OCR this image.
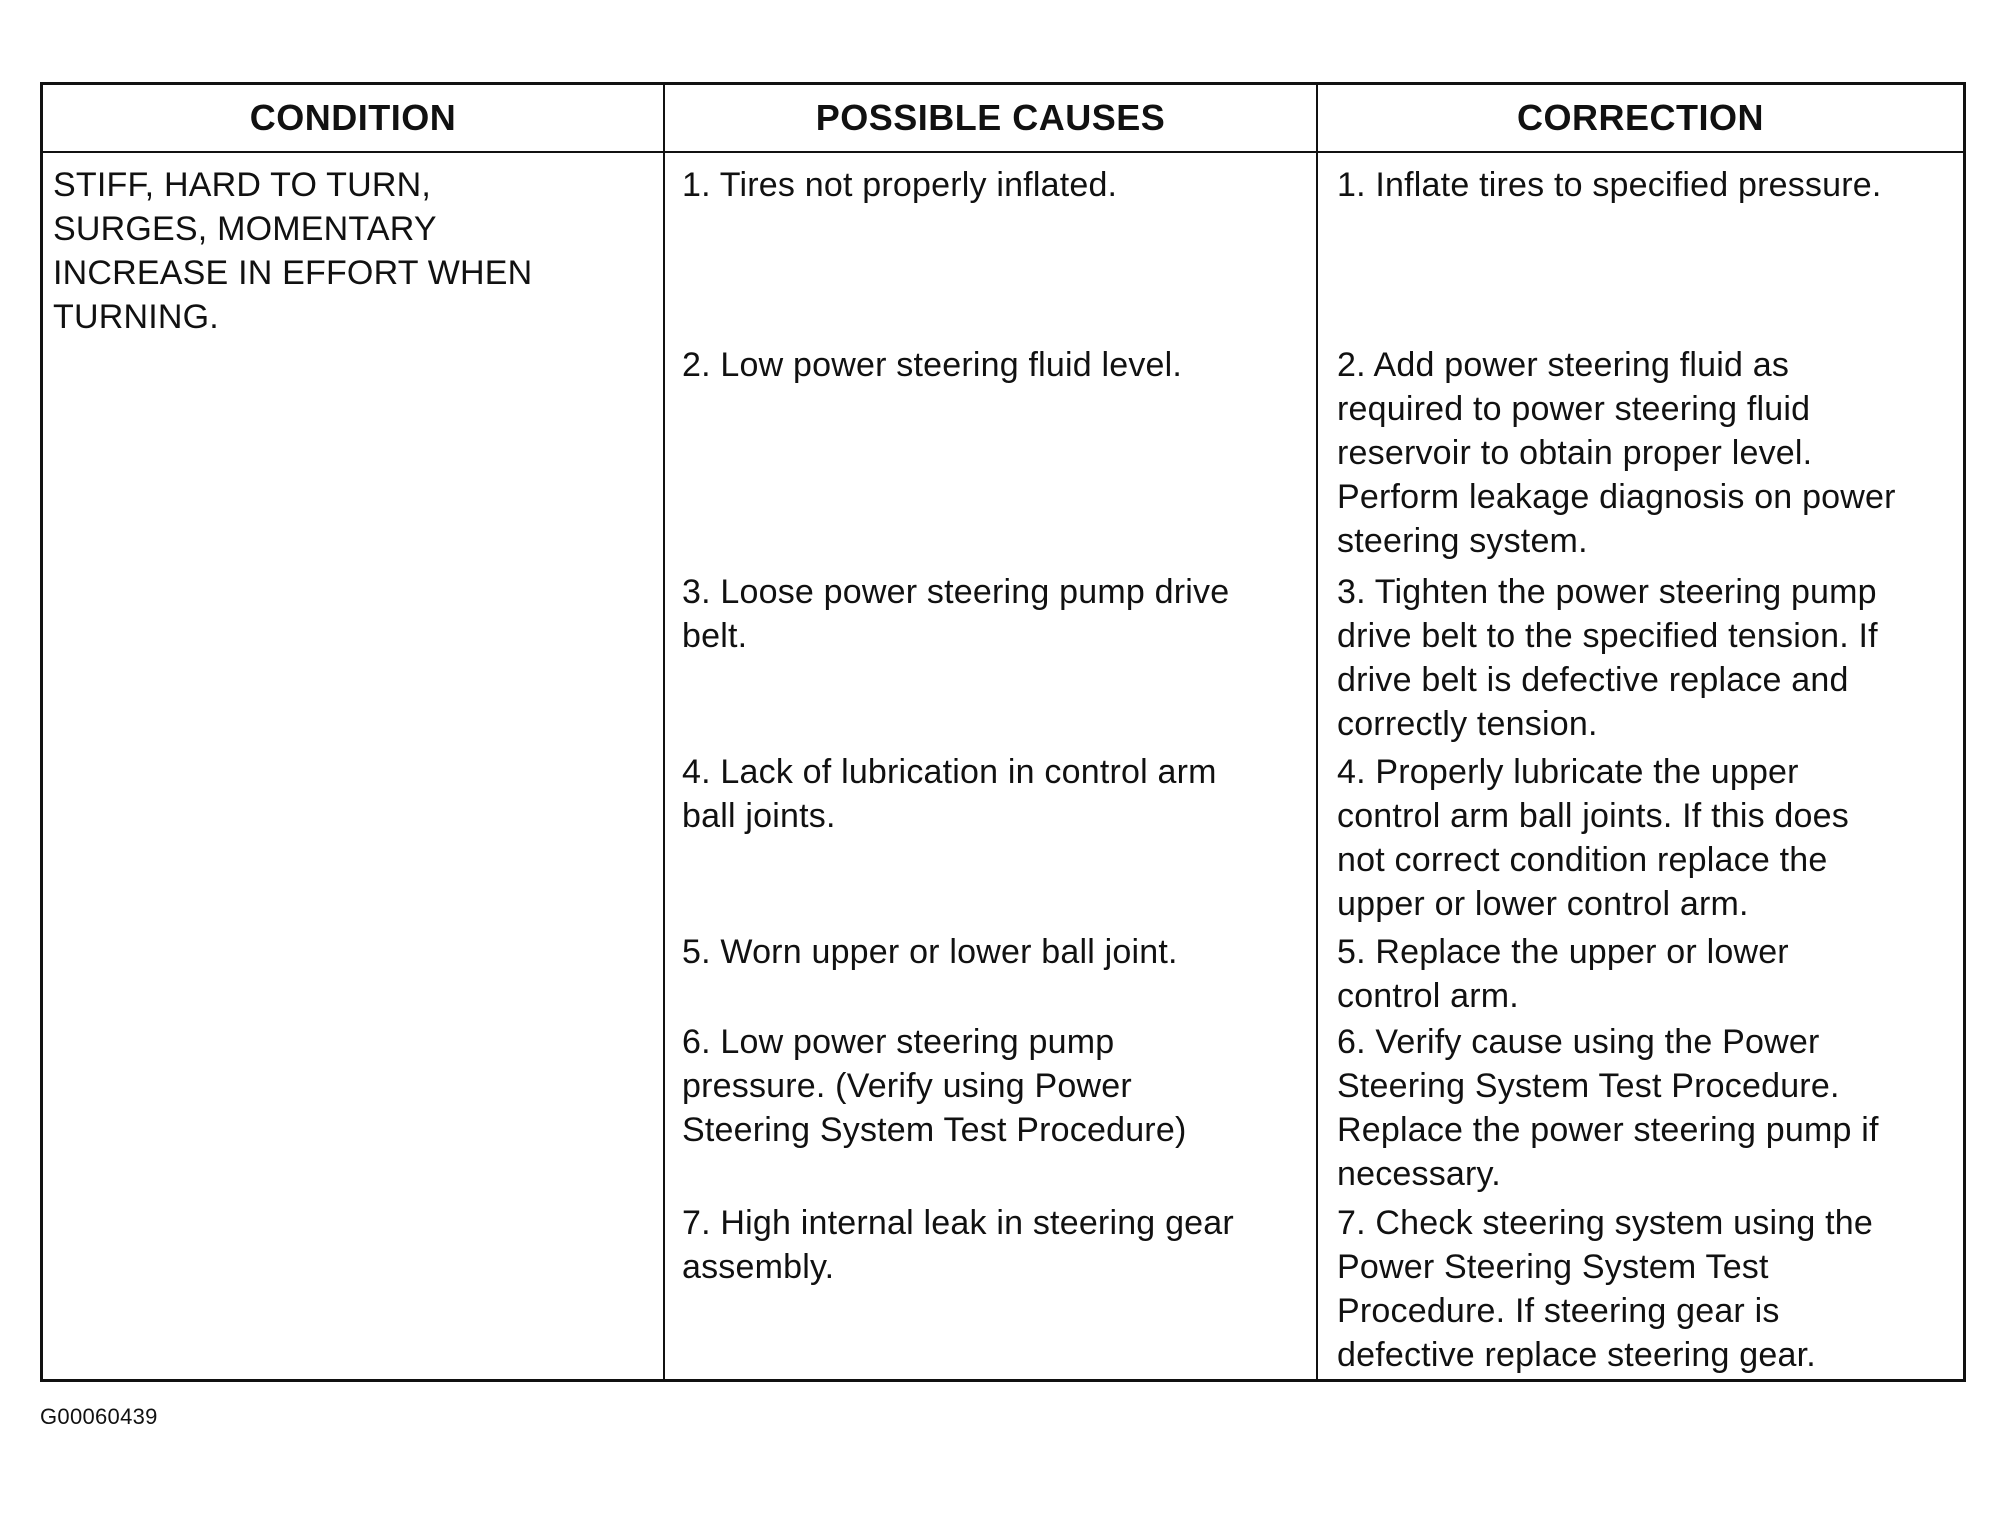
CONDITION	POSSIBLE CAUSES	CORRECTION
STIFF, HARD TO TURN,
SURGES, MOMENTARY
INCREASE IN EFFORT WHEN
TURNING.
1. Tires not properly inflated.
2. Low power steering fluid level.
3. Loose power steering pump drive
belt.
4. Lack of lubrication in control arm
ball joints.
5. Worn upper or lower ball joint.
6. Low power steering pump
pressure. (Verify using Power
Steering System Test Procedure)
7. High internal leak in steering gear
assembly.
1. Inflate tires to specified pressure.
2. Add power steering fluid as
required to power steering fluid
reservoir to obtain proper level.
Perform leakage diagnosis on power
steering system.
3. Tighten the power steering pump
drive belt to the specified tension. If
drive belt is defective replace and
correctly tension.
4. Properly lubricate the upper
control arm ball joints. If this does
not correct condition replace the
upper or lower control arm.
5. Replace the upper or lower
control arm.
6. Verify cause using the Power
Steering System Test Procedure.
Replace the power steering pump if
necessary.
7. Check steering system using the
Power Steering System Test
Procedure. If steering gear is
defective replace steering gear.
G00060439
